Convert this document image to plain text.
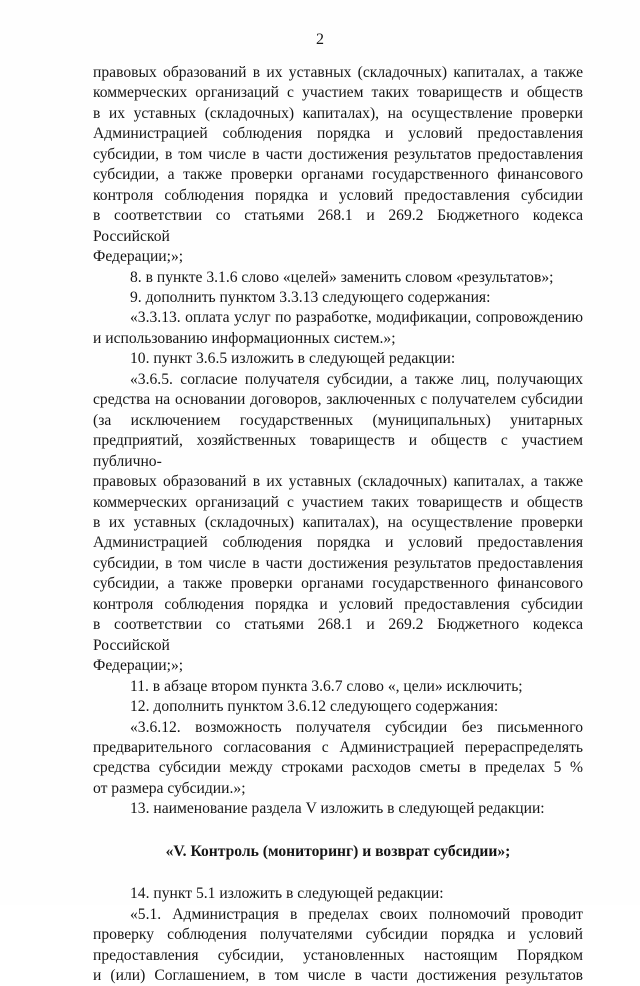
2

правовых образований в их уставных (складочных) капиталах, а также

коммерческих организаций с участием таких товариществ и обществ

в их уставных (складочных) капиталах), на осуществление проверки

Администрацией соблюдения порядка и условий предоставления

субсидии, в том числе в части достижения результатов предоставления

субсидии, а также проверки органами государственного финансового

контроля соблюдения порядка и условий предоставления субсидии

в соответствии со статьями 268.1 и 269.2 Бюджетного кодекса Российской

Федерации;»;

8. в пункте 3.1.6 слово «целей» заменить словом «результатов»;

9. дополнить пунктом 3.3.13 следующего содержания:

«3.3.13. оплата услуг по разработке, модификации, сопровождению

и использованию информационных систем.»;

10. пункт 3.6.5 изложить в следующей редакции:

«3.6.5. согласие получателя субсидии, а также лиц, получающих

средства на основании договоров, заключенных с получателем субсидии

(за исключением государственных (муниципальных) унитарных

предприятий, хозяйственных товариществ и обществ с участием публично-

правовых образований в их уставных (складочных) капиталах, а также

коммерческих организаций с участием таких товариществ и обществ

в их уставных (складочных) капиталах), на осуществление проверки

Администрацией соблюдения порядка и условий предоставления

субсидии, в том числе в части достижения результатов предоставления

субсидии, а также проверки органами государственного финансового

контроля соблюдения порядка и условий предоставления субсидии

в соответствии со статьями 268.1 и 269.2 Бюджетного кодекса Российской

Федерации;»;

11. в абзаце втором пункта 3.6.7 слово «, цели» исключить;

12. дополнить пунктом 3.6.12 следующего содержания:

«3.6.12. возможность получателя субсидии без письменного

предварительного согласования с Администрацией перераспределять

средства субсидии между строками расходов сметы в пределах 5 %

от размера субсидии.»;

13. наименование раздела V изложить в следующей редакции:

«V. Контроль (мониторинг) и возврат субсидии»;

14. пункт 5.1 изложить в следующей редакции:

«5.1. Администрация в пределах своих полномочий проводит

проверку соблюдения получателями субсидии порядка и условий

предоставления субсидии, установленных настоящим Порядком

и (или) Соглашением, в том числе в части достижения результатов
